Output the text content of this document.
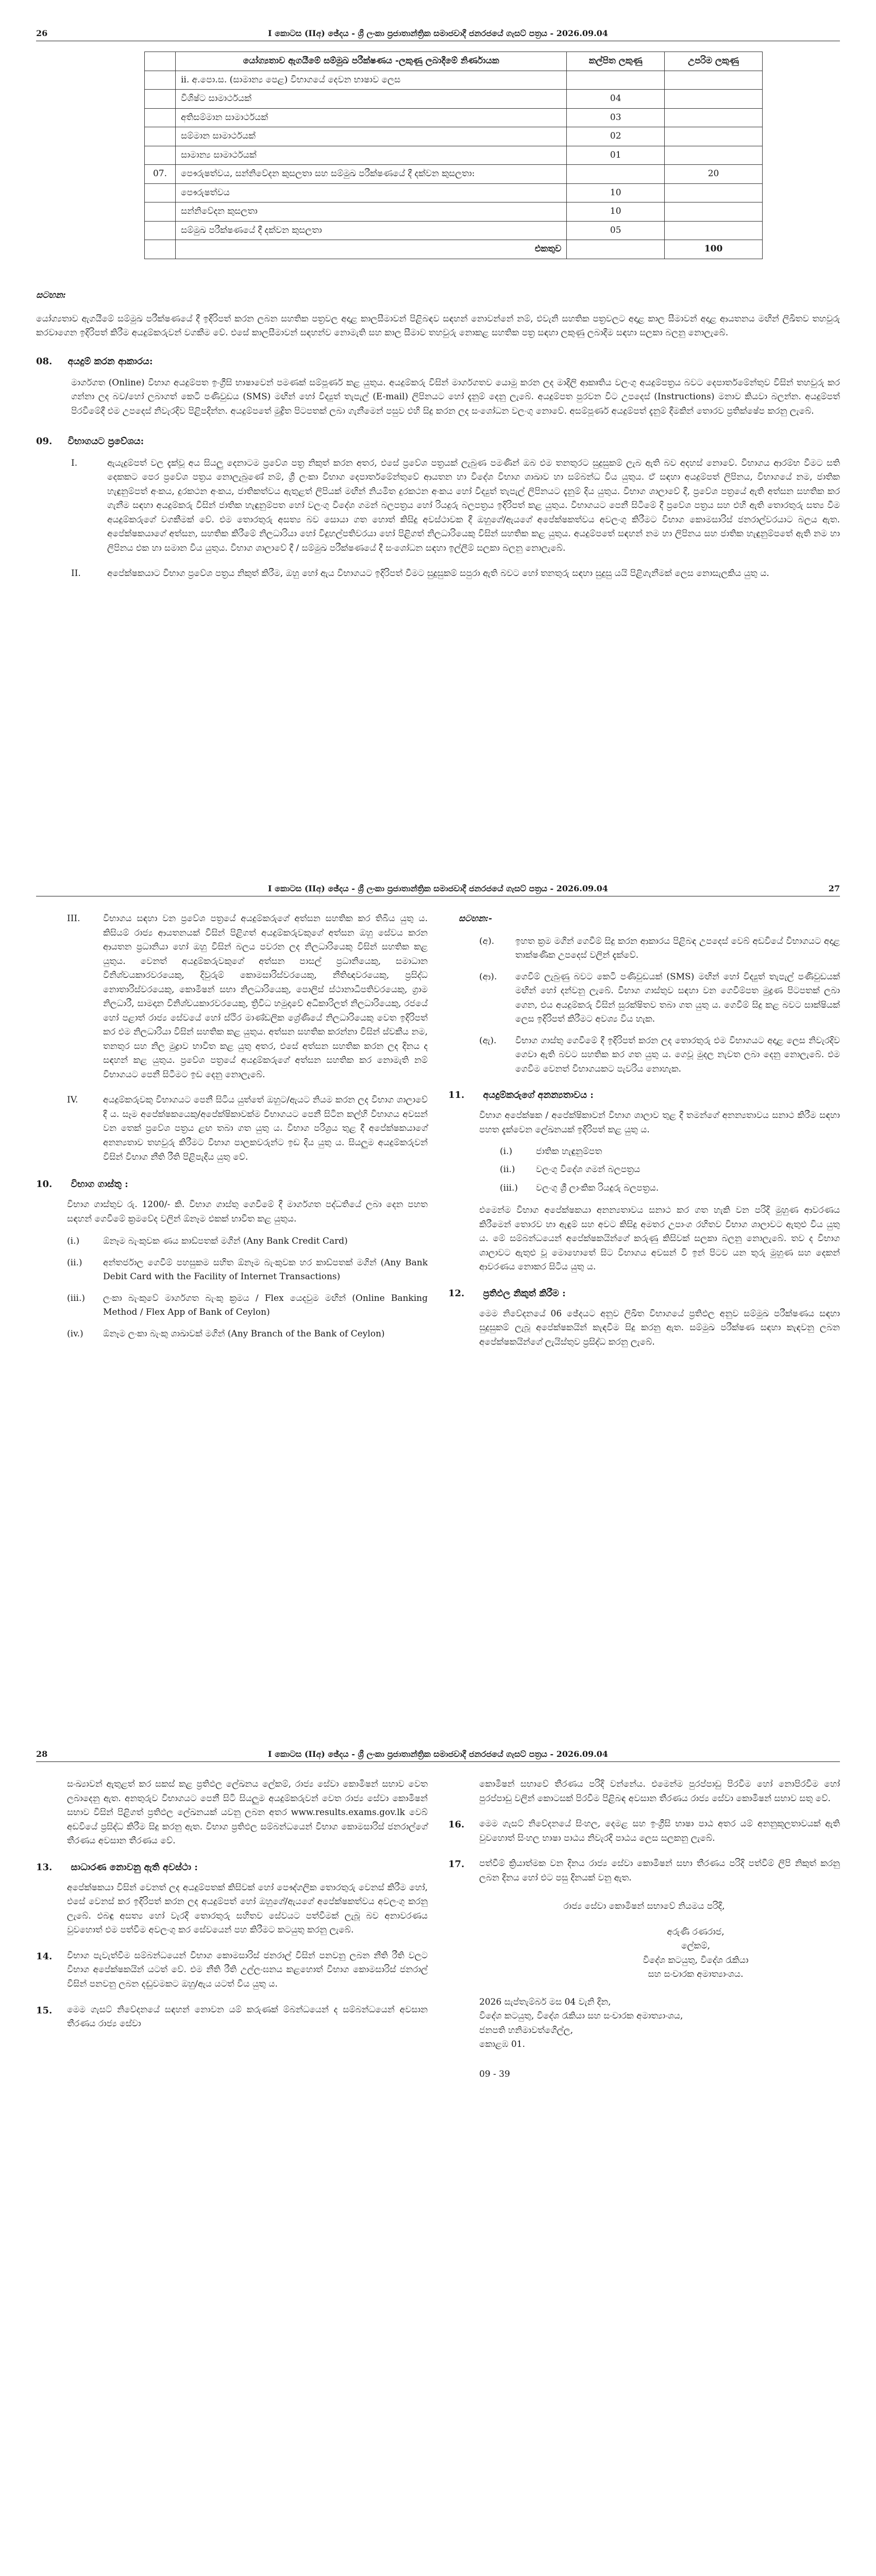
26	I කොටස (IIඅ) ඡේදය - ශ්‍රී ලංකා ප්‍රජාතාන්ත්‍රික සමාජවාදී ජනරජයේ ගැසට් පත්‍රය - 2026.09.04
	යෝග්‍යතාව ඇගයීමේ සම්මුඛ පරීක්ෂණය -ලකුණු ලබාදීමේ නිර්ණායක	කල්පිත ලකුණු	උපරිම ලකුණු
	ii. අ.පො.ස. (සාමාන්‍ය පෙළ) විභාගයේ දෙවන භාෂාව ලෙස		
	විශිෂ්ට සාමාර්ථයක්	04	
	අතිසම්මාන සාමාර්ථයක්	03	
	සම්මාන සාමාර්ථයක්	02	
	සාමාන්‍ය සාමාර්ථයක්	01	
07.	පෞරුෂත්වය, සන්නිවේදන කුසලතා සහ සම්මුඛ පරීක්ෂණයේ දී දක්වන කුසලතා:		20
	පෞරුෂත්වය	10	
	සන්නිවේදන කුසලතා	10	
	සම්මුඛ පරීක්ෂණයේ දී දක්වන කුසලතා	05	
	එකතුව		100
සටහන:
යෝග්‍යතාව ඇගයීමේ සම්මුඛ පරීක්ෂණයේ දී ඉදිරිපත් කරන ලබන සහතික පත්‍රවල අදාළ කාලසීමාවන් පිළිබඳව සඳහන් නොවන්නේ නම්, එවැනි සහතික පත්‍රවලට අදාළ කාල සීමාවන් අදාළ ආයතනය මඟින් ලිඛිතව තහවුරු කරවාගෙන ඉදිරිපත් කිරීම අයදුම්කරුවන් වගකීම වේ. එසේ කාලසීමාවන් සඳහන්ව නොමැති සහ කාල සීමාව තහවුරු නොකළ සහතික පත්‍ර සඳහා ලකුණු ලබාදීම සඳහා සලකා බලනු නොලැබේ.
08. අයදුම් කරන ආකාරය:
මාර්ගගත (Online) විභාග අයදුම්පත ඉංග්‍රීසි භාෂාවෙන් පමණක් සම්පූර්ණ කළ යුතුය. අයදුම්කරු විසින් මාර්ගගතව යොමු කරන ලද මාදිලි ආකෘතිය වලංගු අයදුම්පත්‍රය බවට දෙපාර්තමේන්තුව විසින් තහවුරු කර ගන්නා ලද බව/හෝ ලබාගත් කෙටි පණිවුඩය (SMS) මඟින් හෝ විද්‍යුත් තැපැල් (E-mail) ලිපිනයට හෝ දැනුම් දෙනු ලැබේ. අයදුම්පත පුරවන විට උපදෙස් (Instructions) මනාව කියවා බලන්න. අයදුම්පත් පිරවීමේදී එම උපදෙස් නිවැරදිව පිළිපදින්න. අයදුම්පතේ මුද්‍රිත පිටපතක් ලබා ගැනීමෙන් පසුව එහි සිදු කරන ලද සංශෝධන වලංගු නොවේ. අසම්පූර්ණ අයදුම්පත් දැනුම් දීමකින් තොරව ප්‍රතික්ෂේප කරනු ලැබේ.
09. විභාගයට ප්‍රවේශය:
I.	ඇයැදුම්පත් වල දැක්වූ අය සියලු දෙනාටම ප්‍රවේශ පත්‍ර නිකුත් කරන අතර, එසේ ප්‍රවේශ පත්‍රයක් ලැබුණ පමණින් ඔබ එම තනතුරට සුදුසුකම් ලැබ ඇති බව අදහස් නොවේ. විභාගය ආරම්භ වීමට සති දෙකකට පෙර ප්‍රවේශ පත්‍රය නොලැබුණේ නම්, ශ්‍රී ලංකා විභාග දෙපාර්තමේන්තුවේ ආයතන හා විදේශ විභාග ශාඛාව හා සම්බන්ධ විය යුතුය. ඒ සඳහා අයදුම්පත් ලිපිනය, විභාගයේ නම, ජාතික හැඳුනුම්පත් අංකය, දුරකථන අංකය, ජාතිකත්වය ඇතුළත් ලිපියක් මඟින් නියමිත දුරකථන අංකය හෝ විද්‍යුත් තැපැල් ලිපිනයට දැනුම් දිය යුතුය. විභාග ශාලාවේ දී, ප්‍රවේශ පත්‍රයේ ඇති අත්සන සහතික කර ගැනීම සඳහා අයදුම්කරු විසින් ජාතික හැඳුනුම්පත හෝ වලංගු විදේශ ගමන් බලපත්‍රය හෝ රියදුරු බලපත්‍රය ඉදිරිපත් කළ යුතුය. විභාගයට පෙනී සිටීමේ දී ප්‍රවේශ පත්‍රය සහ එහි ඇති තොරතුරු සත්‍ය වීම අයදුම්කරුගේ වගකීමක් වේ. එම තොරතුරු අසත්‍ය බව සොයා ගත හොත් කිසිදු අවස්ථාවක දී ඔහුගේ/ඇයගේ අපේක්ෂකත්වය අවලංගු කිරීමට විභාග කොමසාරිස් ජනරාල්වරයාට බලය ඇත. අපේක්ෂකයාගේ අත්සන, සහතික කිරීමේ නිලධාරියා හෝ විදුහල්පතිවරයා හෝ පිළිගත් නිලධාරියෙකු විසින් සහතික කළ යුතුය. අයදුම්පතේ සඳහන් නම හා ලිපිනය සහ ජාතික හැඳුනුම්පතේ ඇති නම හා ලිපිනය එක හා සමාන විය යුතුය. විභාග ශාලාවේ දී / සම්මුඛ පරීක්ෂණයේ දී සංශෝධන සඳහා ඉල්ලීම් සලකා බලනු නොලැබේ.
II.	අපේක්ෂකයාට විභාග ප්‍රවේශ පත්‍රය නිකුත් කිරීම, ඔහු හෝ ඇය විභාගයට ඉදිරිපත් වීමට සුදුසුකම් සපුරා ඇති බවට හෝ තනතුරු සඳහා සුදුසු යයි පිළිගැනීමක් ලෙස නොසැලකිය යුතු ය.
I කොටස (IIඅ) ඡේදය - ශ්‍රී ලංකා ප්‍රජාතාන්ත්‍රික සමාජවාදී ජනරජයේ ගැසට් පත්‍රය - 2026.09.04	27
III.	විභාගය සඳහා වන ප්‍රවේශ පත්‍රයේ අයදුම්කරුගේ අත්සන සහතික කර තිබිය යුතු ය. කිසියම් රාජ්‍ය ආයතනයක් විසින් පිළිගත් අයදුම්කරුවකුගේ අත්සන ඔහු සේවය කරන ආයතන ප්‍රධානියා හෝ ඔහු විසින් බලය පවරන ලද නිලධාරියෙකු විසින් සහතික කළ යුතුය. වෙනත් අයදුම්කරුවකුගේ අත්සන පාසල් ප්‍රධානියෙකු, සමාධාන විනිශ්චයකාරවරයෙකු, දිවුරුම් කොමසාරිස්වරයෙකු, නීතිඥවරයෙකු, ප්‍රසිද්ධ නොතාරිස්වරයෙකු, කොමිෂන් සභා නිලධාරියෙකු, පොලිස් ස්ථානාධිපතිවරයෙකු, ග්‍රාම නිලධාරී, සාමදාන විනිශ්චයකාරවරයෙකු, ත්‍රිවිධ හමුදාවේ අධිකාරිලත් නිලධාරියෙකු, රජයේ හෝ පළාත් රාජ්‍ය සේවයේ හෝ ස්ථිර මාණ්ඩලික ශ්‍රේණියේ නිලධාරියෙකු වෙත ඉදිරිපත් කර එම නිලධාරියා විසින් සහතික කළ යුතුය. අත්සන සහතික කරන්නා විසින් ස්වකීය නම, තනතුර සහ නිල මුද්‍රාව භාවිත කළ යුතු අතර, එසේ අත්සන සහතික කරන ලද දිනය ද සඳහන් කළ යුතුය. ප්‍රවේශ පත්‍රයේ අයදුම්කරුගේ අත්සන සහතික කර නොමැති නම් විභාගයට පෙනී සිටීමට ඉඩ දෙනු නොලැබේ.
IV.	අයදුම්කරුවකු විභාගයට පෙනී සිටිය යුත්තේ ඔහුට/ඇයට නියම කරන ලද විභාග ශාලාවේ දී ය. සෑම අපේක්ෂකයෙකු/අපේක්ෂිකාවක්ම විභාගයට පෙනී සිටින කල්හි විභාගය අවසන් වන තෙක් ප්‍රවේශ පත්‍රය ළඟ තබා ගත යුතු ය. විභාග පරිශ්‍රය තුළ දී අපේක්ෂකයාගේ අනන්‍යතාව තහවුරු කිරීමට විභාග පාලකවරුන්ට ඉඩ දිය යුතු ය. සියලුම අයදුම්කරුවන් විසින් විභාග නීති රීති පිළිපැදිය යුතු වේ.
10. විභාග ගාස්තු :
විභාග ගාස්තුව රු. 1200/- කි. විභාග ගාස්තු ගෙවීමේ දී මාර්ගගත පද්ධතියේ ලබා දෙන පහත සඳහන් ගෙවීමේ ක්‍රමවේද වලින් ඕනෑම එකක් භාවිත කළ යුතුය.
(i.)	ඕනෑම බැංකුවක ණය කාඩ්පතක් මගින් (Any Bank Credit Card)
(ii.) අන්තර්ජාල ගෙවීම් පහසුකම සහිත ඕනෑම බැංකුවක හර කාඩ්පතක් මගින් (Any Bank Debit Card with the Facility of Internet Transactions)
(iii.) ලංකා බැංකුවේ මාර්ගගත බැංකු ක්‍රමය / Flex යෙදවුම මඟින් (Online Banking Method / Flex App of Bank of Ceylon)
(iv.) ඕනෑම ලංකා බැංකු ශාඛාවක් මගින් (Any Branch of the Bank of Ceylon)
සටහන:-
(අ). ඉහත ක්‍රම මගින් ගෙවීම් සිදු කරන ආකාරය පිළිබඳ උපදෙස් වෙබ් අඩවියේ විභාගයට අදාළ තාක්ෂණික උපදෙස් වලින් දැක්වේ.
(ආ). ගෙවීම් ලැබුණු බවට කෙටි පණිවුඩයක් (SMS) මඟින් හෝ විද්‍යුත් තැපැල් පණිවුඩයක් මඟින් හෝ දන්වනු ලැබේ. විභාග ගාස්තුව සඳහා වන ගෙවීම්පත මුද්‍රණ පිටපතක් ලබා ගෙන, එය අයදුම්කරු විසින් සුරක්ෂිතව තබා ගත යුතු ය. ගෙවීම් සිදු කළ බවට සාක්ෂියක් ලෙස ඉදිරිපත් කිරීමට අවශ්‍ය විය හැක.
(ඇ). විභාග ගාස්තු ගෙවීමේ දී ඉදිරිපත් කරන ලද තොරතුරු එම විභාගයට අදාළ ලෙස නිවැරදිව ගෙවා ඇති බවට සහතික කර ගත යුතු ය. ගෙවූ මුදල නැවත ලබා දෙනු නොලැබේ. එම ගෙවීම වෙනත් විභාගයකට පැවරිය නොහැක.
11. අයදුම්කරුගේ අනන්‍යතාවය :
විභාග අපේක්ෂක / අපේක්ෂිකාවන් විභාග ශාලාව තුළ දී තමන්ගේ අනන්‍යතාවය සනාථ කිරීම සඳහා පහත දැක්වෙන ලේඛනයක් ඉදිරිපත් කළ යුතු ය.
(i.)	ජාතික හැඳුනුම්පත
(ii.) වලංගු විදේශ ගමන් බලපත්‍රය
(iii.) වලංගු ශ්‍රී ලාංකික රියදුරු බලපත්‍රය.
එමෙන්ම විභාග අපේක්ෂකයා අනන්‍යතාවය සනාථ කර ගත හැකි වන පරිදි මුහුණ ආවරණය කිරීමෙන් තොරව හා ඇඳුම් සහ අවට කිසිදු අමතර උපාංග රහිතව විභාග ශාලාවට ඇතුළු විය යුතු ය. මේ සම්බන්ධයෙන් අපේක්ෂකයින්ගේ කරුණු කිසිවක් සලකා බලනු නොලැබේ. තව ද විභාග ශාලාවට ඇතුළු වූ මොහොතේ සිට විභාගය අවසන් වී ඉන් පිටව යන තුරු මුහුණ සහ දෙකන් ආවරණය නොකර සිටිය යුතු ය.
12. ප්‍රතිඵල නිකුත් කිරීම :
මෙම නිවේදනයේ 06 ඡේදයට අනුව ලිඛිත විභාගයේ ප්‍රතිඵල අනුව සම්මුඛ පරීක්ෂණය සඳහා සුදුසුකම් ලැබූ අපේක්ෂකයින් කැඳවීම සිදු කරනු ඇත. සම්මුඛ පරීක්ෂණ සඳහා කැඳවනු ලබන අපේක්ෂකයින්ගේ ලැයිස්තුව ප්‍රසිද්ධ කරනු ලැබේ.
28	I කොටස (IIඅ) ඡේදය - ශ්‍රී ලංකා ප්‍රජාතාන්ත්‍රික සමාජවාදී ජනරජයේ ගැසට් පත්‍රය - 2026.09.04
සංඛ්‍යාවන් ඇතුළත් කර සකස් කළ ප්‍රතිඵල ලේඛනය ලේකම්, රාජ්‍ය සේවා කොමිෂන් සභාව වෙත ලබාදෙනු ඇත. අනතුරුව විභාගයට පෙනී සිටි සියලුම අයදුම්කරුවන් වෙත රාජ්‍ය සේවා කොමිෂන් සභාව විසින් පිළිගත් ප්‍රතිඵල ලේඛනයක් යවනු ලබන අතර www.results.exams.gov.lk වෙබ් අඩවියේ ප්‍රසිද්ධ කිරීම සිදු කරනු ඇත. විභාග ප්‍රතිඵල සම්බන්ධයෙන් විභාග කොමසාරිස් ජනරාල්ගේ තීරණය අවසාන තීරණය වේ.
13. සාධාරණ නොවනු ඇති අවස්ථා :
අපේක්ෂකයා විසින් වෙනත් ලද අයදුම්පතක් කිසිවක් හෝ පෞද්ගලික තොරතුරු වෙනස් කිරීම හෝ, එසේ වෙනස් කර ඉදිරිපත් කරන ලද අයදුම්පත් හෝ ඔහුගේ/ඇයගේ අපේක්ෂකත්වය අවලංගු කරනු ලැබේ. එබඳු අසත්‍ය හෝ වැරදි තොරතුරු සහිතව සේවයට පත්වීමක් ලැබූ බව අනාවරණය වුවහොත් එම පත්වීම අවලංගු කර සේවයෙන් පහ කිරීමට කටයුතු කරනු ලැබේ.
14. විභාග පැවැත්වීම සම්බන්ධයෙන් විභාග කොමසාරිස් ජනරාල් විසින් පනවනු ලබන නීති රීති වලට විභාග අපේක්ෂකයින් යටත් වේ. එම නීති රීති උල්ලංඝනය කළහොත් විභාග කොමසාරිස් ජනරාල් විසින් පනවනු ලබන දඬුවමකට ඔහු/ඇය යටත් විය යුතු ය.
15. මෙම ගැසට් නිවේදනයේ සඳහන් නොවන යම් කරුණක් ම්බන්ධයෙන් ද සම්බන්ධයෙන් අවසාන තීරණය රාජ්‍ය සේවා
කොමිෂන් සභාවේ තීරණය පරිදි වන්නේය. එමෙන්ම පුරප්පාඩු පිරවීම හෝ නොපිරවීම හෝ පුරප්පාඩු වලින් කොටසක් පිරවීම පිළිබඳ අවසාන තීරණය රාජ්‍ය සේවා කොමිෂන් සභාව සතු වේ.
16. මෙම ගැසට් නිවේදනයේ සිංහල, දෙමළ සහ ඉංග්‍රීසි භාෂා පාඨ අතර යම් අනනුකූලතාවයක් ඇති වුවහොත් සිංහල භාෂා පාඨය නිවැරදි පාඨය ලෙස සලකනු ලැබේ.
17. පත්වීම් ක්‍රියාත්මක වන දිනය රාජ්‍ය සේවා කොමිෂන් සභා තීරණය පරිදි පත්වීම් ලිපි නිකුත් කරනු ලබන දිනය හෝ එට පසු දිනයක් වනු ඇත.
රාජ්‍ය සේවා කොමිෂන් සභාවේ නියමය පරිදි,
අරුණි රණරාජ,
ලේකම්,
විදේශ කටයුතු, විදේශ රැකියා
සහ සංචාරක අමාත්‍යාංශය.
2026 සැප්තැම්බර් මස 04 වැනි දින,
විදේශ කටයුතු, විදේශ රැකියා සහ සංචාරක අමාත්‍යාංශය,
ජනපති හනිමාවත්ගෙිල්ල,
කොළඹ 01.
09 - 39
